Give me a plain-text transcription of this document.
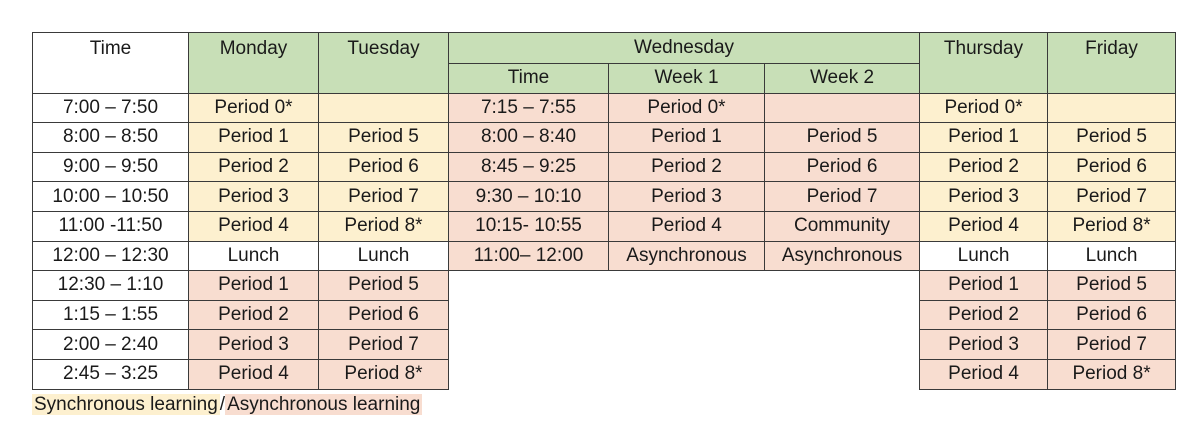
Time	Monday	Tuesday	Wednesday			Thursday	Friday
			Time	Week 1	Week 2		
7:00 – 7:50	Period 0*		7:15 – 7:55	Period 0*		Period 0*	
8:00 – 8:50	Period 1	Period 5	8:00 – 8:40	Period 1	Period 5	Period 1	Period 5
9:00 – 9:50	Period 2	Period 6	8:45 – 9:25	Period 2	Period 6	Period 2	Period 6
10:00 – 10:50	Period 3	Period 7	9:30 – 10:10	Period 3	Period 7	Period 3	Period 7
11:00 -11:50	Period 4	Period 8*	10:15- 10:55	Period 4	Community	Period 4	Period 8*
12:00 – 12:30	Lunch	Lunch	11:00– 12:00	Asynchronous	Asynchronous	Lunch	Lunch
12:30 – 1:10	Period 1	Period 5				Period 1	Period 5
1:15 – 1:55	Period 2	Period 6				Period 2	Period 6
2:00 – 2:40	Period 3	Period 7				Period 3	Period 7
2:45 – 3:25	Period 4	Period 8*				Period 4	Period 8*
Synchronous learning / Asynchronous learning
